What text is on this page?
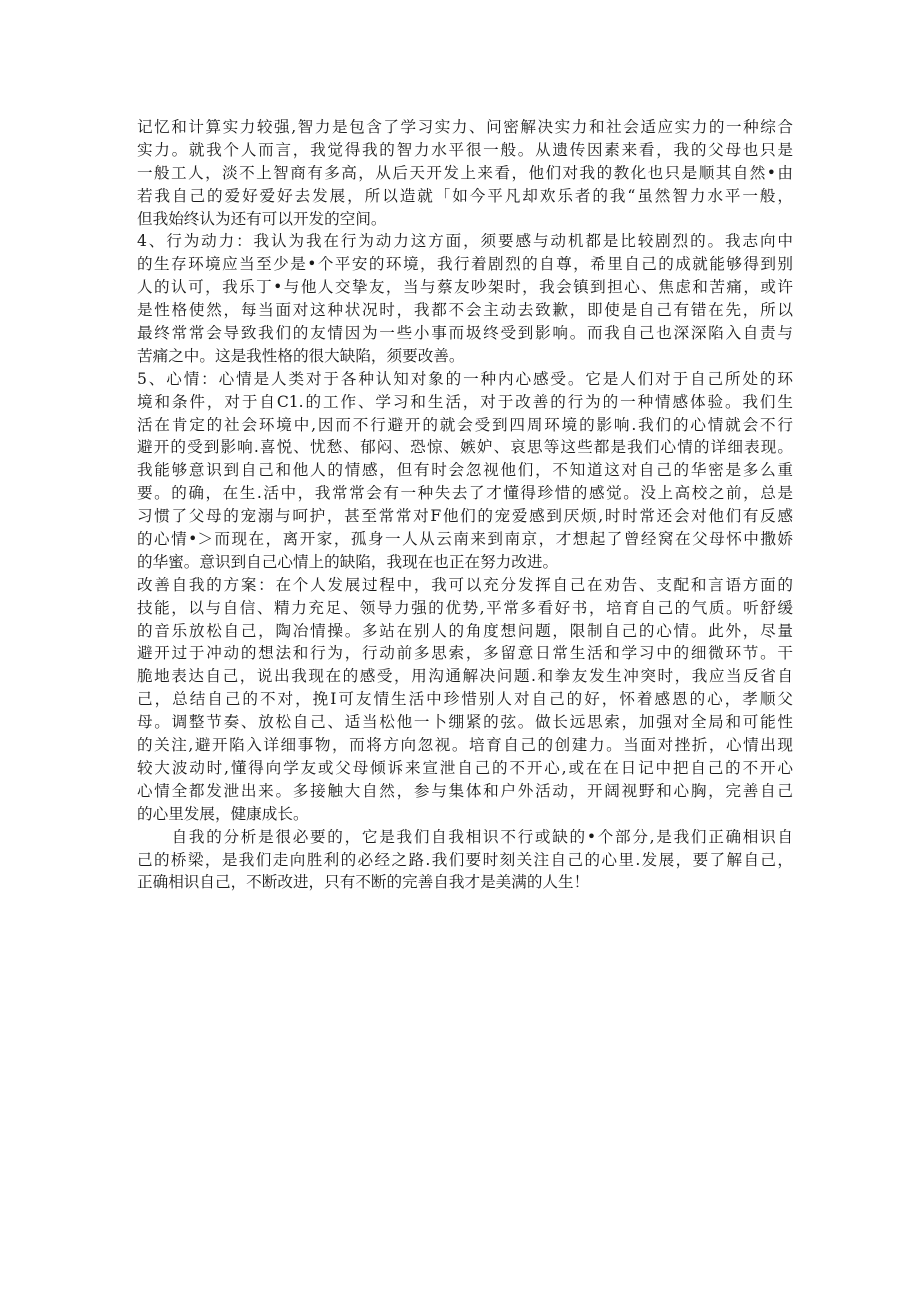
记忆和计算实力较强,智力是包含了学习实力、问密解决实力和社会适应实力的一种综合
实力。就我个人而言，我觉得我的智力水平很一般。从遗传因素来看，我的父母也只是
一般工人，淡不上智商有多高，从后天开发上来看，他们对我的教化也只是顺其自然•由
若我自己的爱好爱好去发展，所以造就「如今平凡却欢乐者的我“虽然智力水平一般，
但我始终认为还有可以开发的空间。
4、行为动力：我认为我在行为动力这方面，须要感与动机都是比较剧烈的。我志向中
的生存环境应当至少是•个平安的环境，我行着剧烈的自尊，希里自己的成就能够得到别
人的认可，我乐丁•与他人交挚友，当与蔡友吵架时，我会镇到担心、焦虑和苦痛，或许
是性格使然，每当面对这种状况时，我都不会主动去致歉，即使是自己有错在先，所以
最终常常会导致我们的友情因为一些小事而圾终受到影响。而我自己也深深陷入自责与
苦痛之中。这是我性格的很大缺陷，须要改善。
5、心情：心情是人类对于各种认知对象的一种内心感受。它是人们对于自己所处的环
境和条件，对于自C1.的工作、学习和生活，对于改善的行为的一种情感体验。我们生
活在肯定的社会环境中,因而不行避开的就会受到四周环境的影响.我们的心情就会不行
避开的受到影响.喜悦、忧愁、郁闷、恐惊、嫉妒、哀思等这些都是我们心情的详细表现。
我能够意识到自己和他人的情感，但有时会忽视他们，不知道这对自己的华密是多么重
要。的确，在生.活中，我常常会有一种失去了才懂得珍惜的感觉。没上高校之前，总是
习惯了父母的宠溺与呵护，甚至常常对F他们的宠爱感到厌烦,时时常还会对他们有反感
的心情•＞而现在，离开家，孤身一人从云南来到南京，才想起了曾经窝在父母怀中撒娇
的华蜜。意识到自己心情上的缺陷，我现在也正在努力改进。
改善自我的方案：在个人发展过程中，我可以充分发挥自己在劝告、支配和言语方面的
技能，以与自信、精力充足、领导力强的优势,平常多看好书，培育自己的气质。听舒缓
的音乐放松自己，陶冶情操。多站在别人的角度想问题，限制自己的心情。此外，尽量
避开过于冲动的想法和行为，行动前多思索，多留意日常生活和学习中的细微环节。干
脆地表达自己，说出我现在的感受，用沟通解决问题.和拳友发生冲突时，我应当反省自
己，总结自己的不对，挽I可友情生活中珍惜别人对自己的好，怀着感恩的心，孝顺父
母。调整节奏、放松自己、适当松他一卜绷紧的弦。做长远思索，加强对全局和可能性
的关注,避开陷入详细事物，而将方向忽视。培育自己的创建力。当面对挫折，心情出现
较大波动时,懂得向学友或父母倾诉来宣泄自己的不开心,或在在日记中把自己的不开心
心情全都发泄出来。多接触大自然，参与集体和户外活动，开阔视野和心胸，完善自己
的心里发展，健康成长。
　　自我的分析是很必要的，它是我们自我相识不行或缺的•个部分,是我们正确相识自
己的桥梁，是我们走向胜利的必经之路.我们要时刻关注自己的心里.发展，要了解自己，
正确相识自己，不断改进，只有不断的完善自我才是美满的人生！
